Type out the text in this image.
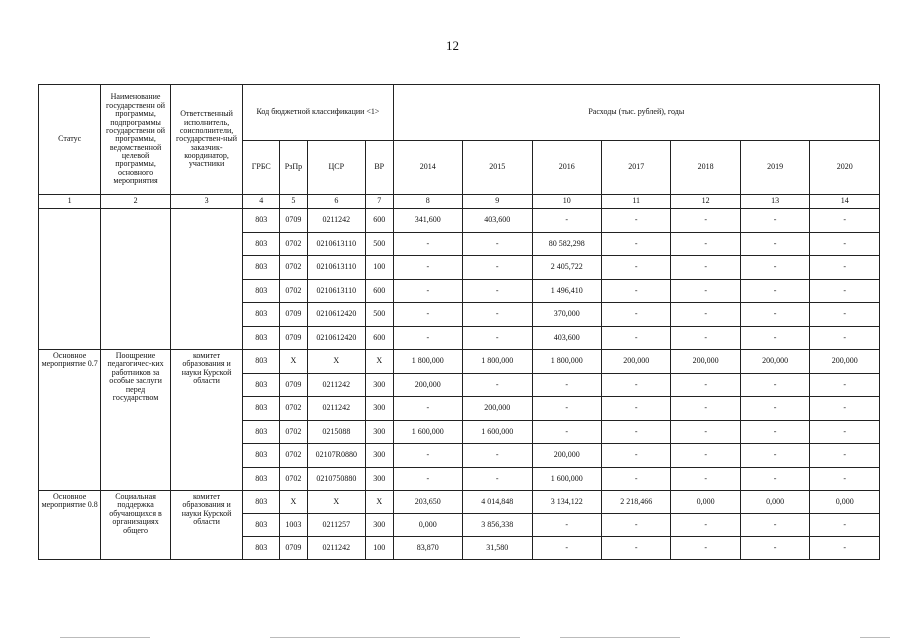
12
Статус	Наименование государственн ой программы, подпрограммы государствени ой программы, ведомственной целевой программы, основного мероприятия	Ответственный исполнитель, соисполнители, государствен-ный заказчик-координатор, участники	Код бюджетной классификации <1>				Расходы (тыс. рублей), годы						
			ГРБС	РзПр	ЦСР	ВР	2014	2015	2016	2017	2018	2019	2020
1	2	3	4	5	6	7	8	9	10	11	12	13	14
			803	0709	0211242	600	341,600	403,600	-	-	-	-	-
			803	0702	0210613110	500	-	-	80 582,298	-	-	-	-
			803	0702	0210613110	100	-	-	2 405,722	-	-	-	-
			803	0702	0210613110	600	-	-	1 496,410	-	-	-	-
			803	0709	0210612420	500	-	-	370,000	-	-	-	-
			803	0709	0210612420	600	-	-	403,600	-	-	-	-
Основное мероприятие 0.7	Поощрение педагогичес-ких работников за особые заслуги перед государством	комитет образования и науки Курской области	803	X	X	X	1 800,000	1 800,000	1 800,000	200,000	200,000	200,000	200,000
			803	0709	0211242	300	200,000	-	-	-	-	-	-
			803	0702	0211242	300	-	200,000	-	-	-	-	-
			803	0702	0215088	300	1 600,000	1 600,000	-	-	-	-	-
			803	0702	02107R0880	300	-	-	200,000	-	-	-	-
			803	0702	0210750880	300	-	-	1 600,000	-	-	-	-
Основное мероприятие 0.8	Социальная поддержка обучающихся в организациях общего	комитет образования и науки Курской области	803	X	X	X	203,650	4 014,848	3 134,122	2 218,466	0,000	0,000	0,000
			803	1003	0211257	300	0,000	3 856,338	-	-	-	-	-
			803	0709	0211242	100	83,870	31,580	-	-	-	-	-
